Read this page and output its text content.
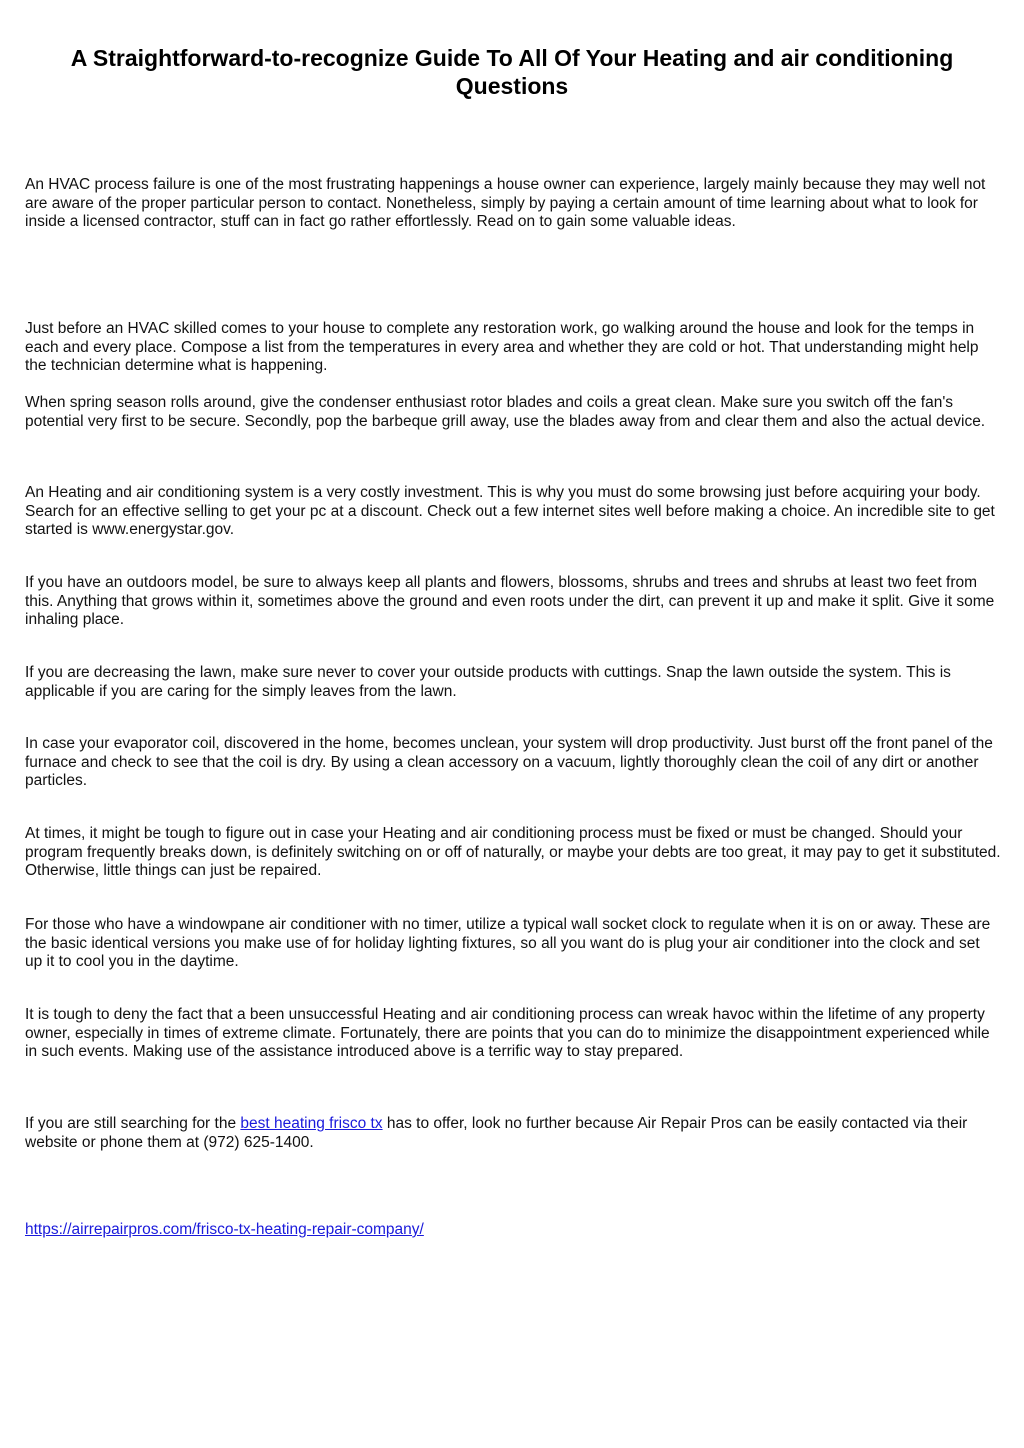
A Straightforward-to-recognize Guide To All Of Your Heating and air conditioning Questions

An HVAC process failure is one of the most frustrating happenings a house owner can experience, largely mainly because they may well not are aware of the proper particular person to contact. Nonetheless, simply by paying a certain amount of time learning about what to look for inside a licensed contractor, stuff can in fact go rather effortlessly. Read on to gain some valuable ideas.

Just before an HVAC skilled comes to your house to complete any restoration work, go walking around the house and look for the temps in each and every place. Compose a list from the temperatures in every area and whether they are cold or hot. That understanding might help the technician determine what is happening.

When spring season rolls around, give the condenser enthusiast rotor blades and coils a great clean. Make sure you switch off the fan's potential very first to be secure. Secondly, pop the barbeque grill away, use the blades away from and clear them and also the actual device.

An Heating and air conditioning system is a very costly investment. This is why you must do some browsing just before acquiring your body. Search for an effective selling to get your pc at a discount. Check out a few internet sites well before making a choice. An incredible site to get started is www.energystar.gov.

If you have an outdoors model, be sure to always keep all plants and flowers, blossoms, shrubs and trees and shrubs at least two feet from this. Anything that grows within it, sometimes above the ground and even roots under the dirt, can prevent it up and make it split. Give it some inhaling place.

If you are decreasing the lawn, make sure never to cover your outside products with cuttings. Snap the lawn outside the system. This is applicable if you are caring for the simply leaves from the lawn.

In case your evaporator coil, discovered in the home, becomes unclean, your system will drop productivity. Just burst off the front panel of the furnace and check to see that the coil is dry. By using a clean accessory on a vacuum, lightly thoroughly clean the coil of any dirt or another particles.

At times, it might be tough to figure out in case your Heating and air conditioning process must be fixed or must be changed. Should your program frequently breaks down, is definitely switching on or off of naturally, or maybe your debts are too great, it may pay to get it substituted. Otherwise, little things can just be repaired.

For those who have a windowpane air conditioner with no timer, utilize a typical wall socket clock to regulate when it is on or away. These are the basic identical versions you make use of for holiday lighting fixtures, so all you want do is plug your air conditioner into the clock and set up it to cool you in the daytime.

It is tough to deny the fact that a been unsuccessful Heating and air conditioning process can wreak havoc within the lifetime of any property owner, especially in times of extreme climate. Fortunately, there are points that you can do to minimize the disappointment experienced while in such events. Making use of the assistance introduced above is a terrific way to stay prepared.

If you are still searching for the best heating frisco tx has to offer, look no further because Air Repair Pros can be easily contacted via their website or phone them at (972) 625-1400.

https://airrepairpros.com/frisco-tx-heating-repair-company/
